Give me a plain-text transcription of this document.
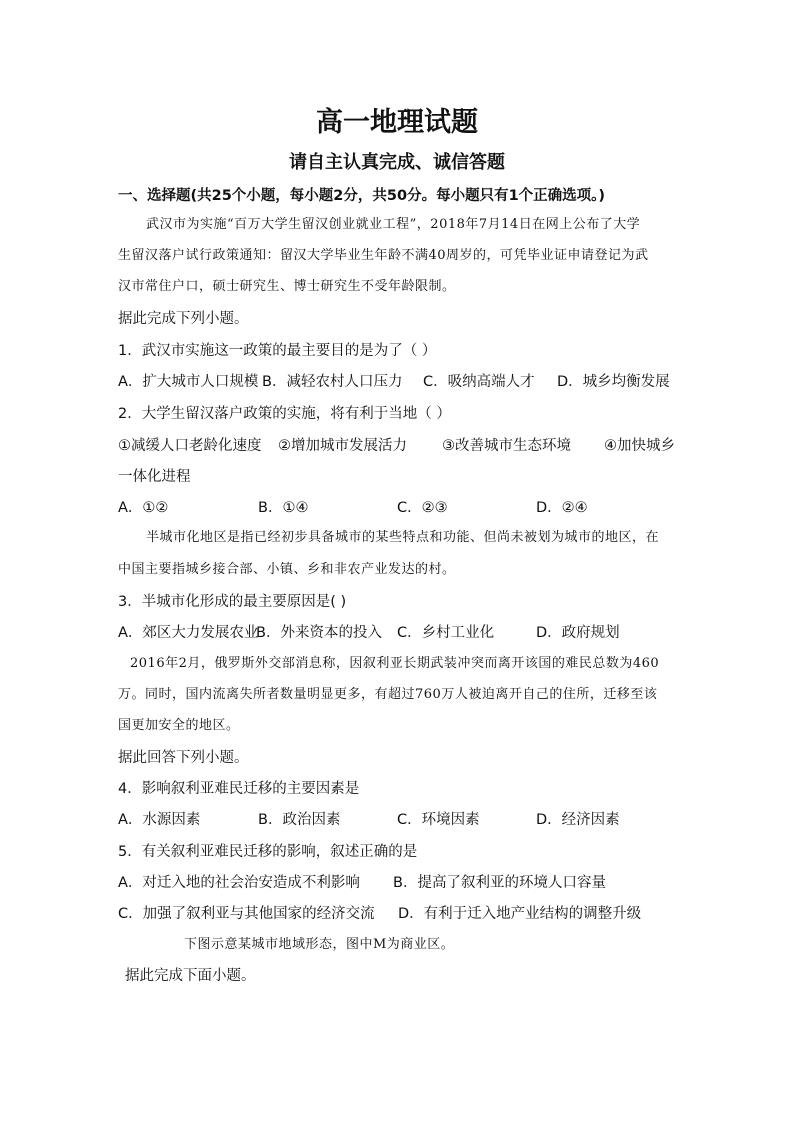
高一地理试题
请自主认真完成、诚信答题
一、选择题(共25个小题，每小题2分，共50分。每小题只有1个正确选项。)
武汉市为实施“百万大学生留汉创业就业工程”，2018年7月14日在网上公布了大学
生留汉落户试行政策通知：留汉大学毕业生年龄不满40周岁的，可凭毕业证申请登记为武
汉市常住户口，硕士研究生、博士研究生不受年龄限制。
据此完成下列小题。
1．武汉市实施这一政策的最主要目的是为了（ ）
A．扩大城市人口规模 B．减轻农村人口压力 C．吸纳高端人才 D．城乡均衡发展
2．大学生留汉落户政策的实施，将有利于当地（ ）
①减缓人口老龄化速度 ②增加城市发展活力 ③改善城市生态环境 ④加快城乡
一体化进程
A．①②	B．①④	C．②③	D．②④
半城市化地区是指已经初步具备城市的某些特点和功能、但尚未被划为城市的地区，在
中国主要指城乡接合部、小镇、乡和非农产业发达的村。
3．半城市化形成的最主要原因是( )
A．郊区大力发展农业
B．外来资本的投入 C．乡村工业化	D．政府规划
2016年2月，俄罗斯外交部消息称，因叙利亚长期武装冲突而离开该国的难民总数为460
万。同时，国内流离失所者数量明显更多，有超过760万人被迫离开自己的住所，迁移至该
国更加安全的地区。
据此回答下列小题。
4．影响叙利亚难民迁移的主要因素是
A．水源因素	B．政治因素	C．环境因素	D．经济因素
5．有关叙利亚难民迁移的影响，叙述正确的是
A．对迁入地的社会治安造成不利影响 B．提高了叙利亚的环境人口容量
C．加强了叙利亚与其他国家的经济交流 D．有利于迁入地产业结构的调整升级
下图示意某城市地域形态，图中M为商业区。
据此完成下面小题。
